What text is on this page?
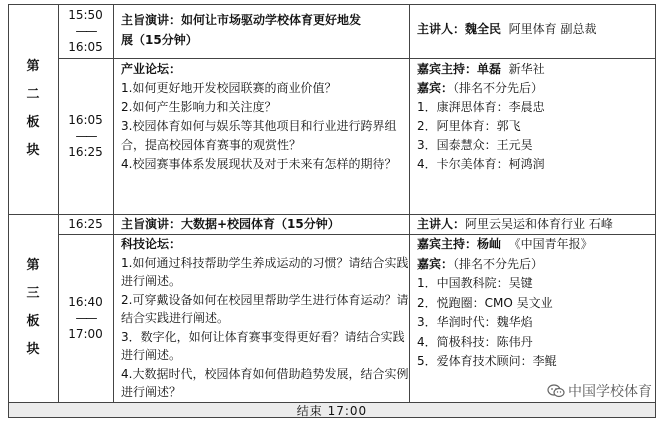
第
二
板
块
15:50
——
16:05
主旨演讲：如何让市场驱动学校体育更好地发
展（15分钟）
主讲人：魏全民 阿里体育 副总裁
16:05
——
16:25
产业论坛：
1.如何更好地开发校园联赛的商业价值？
2.如何产生影响力和关注度？
3.校园体育如何与娱乐等其他项目和行业进行跨界组合，提高校园体育赛事的观赏性？
4.校园赛事体系发展现状及对于未来有怎样的期待？
嘉宾主持：单磊 新华社
嘉宾：（排名不分先后）
1．康湃思体育：李晨忠
2．阿里体育：郭飞
3．国泰慧众：王元昊
4．卡尔美体育：柯鸿润
第
三
板
块
16:25 主旨演讲：大数据+校园体育（15分钟）	主讲人：阿里云吴运和体育行业 石峰
16:40
——
17:00
科技论坛：
1.如何通过科技帮助学生养成运动的习惯？请结合实践进行阐述。
2.可穿戴设备如何在校园里帮助学生进行体育运动？请结合实践进行阐述。
3．数字化，如何让体育赛事变得更好看？请结合实践进行阐述。
4.大数据时代，校园体育如何借助趋势发展，结合实例进行阐述？
嘉宾主持：杨屾 《中国青年报》
嘉宾：（排名不分先后）
1．中国教科院：吴键
2．悦跑圈：CMO 吴文业
3．华润时代：魏华焰
4．简极科技：陈伟丹
5．爱体育技术顾问：李鲲
结束 17:00
中国学校体育
